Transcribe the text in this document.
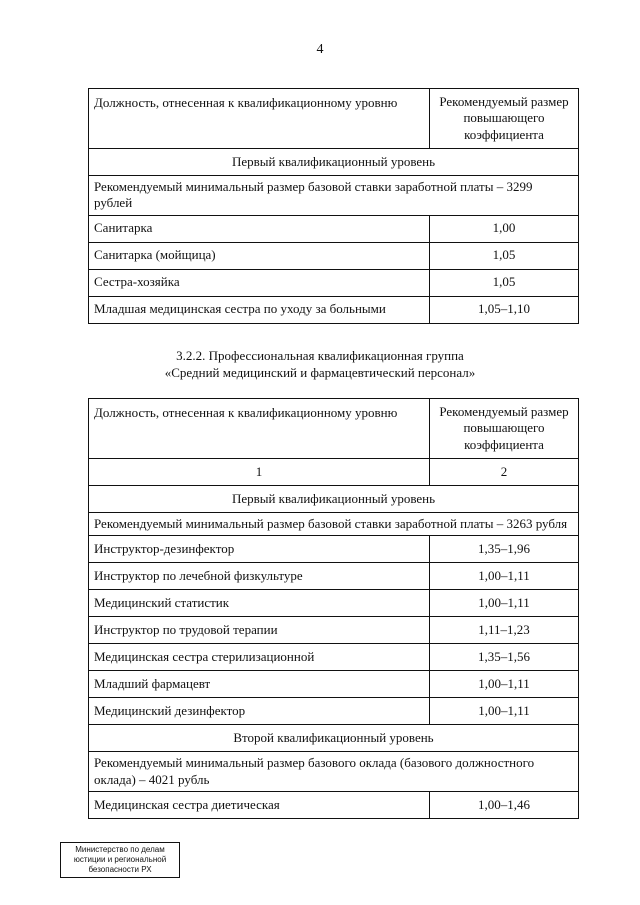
4
Должность, отнесенная к квалификационному уровню	Рекомендуемый размер повышающего коэффициента
Первый квалификационный уровень	
Рекомендуемый минимальный размер базовой ставки заработной платы – 3299 рублей	
Санитарка	1,00
Санитарка (мойщица)	1,05
Сестра-хозяйка	1,05
Младшая медицинская сестра по уходу за больными	1,05–1,10
3.2.2. Профессиональная квалификационная группа
«Средний медицинский и фармацевтический персонал»
Должность, отнесенная к квалификационному уровню	Рекомендуемый размер повышающего коэффициента
1	2
Первый квалификационный уровень	
Рекомендуемый минимальный размер базовой ставки заработной платы – 3263 рубля	
Инструктор-дезинфектор	1,35–1,96
Инструктор по лечебной физкультуре	1,00–1,11
Медицинский статистик	1,00–1,11
Инструктор по трудовой терапии	1,11–1,23
Медицинская сестра стерилизационной	1,35–1,56
Младший фармацевт	1,00–1,11
Медицинский дезинфектор	1,00–1,11
Второй квалификационный уровень	
Рекомендуемый минимальный размер базового оклада (базового должностного оклада) – 4021 рубль	
Медицинская сестра диетическая	1,00–1,46
Министерство по делам
юстиции и региональной
безопасности РХ
